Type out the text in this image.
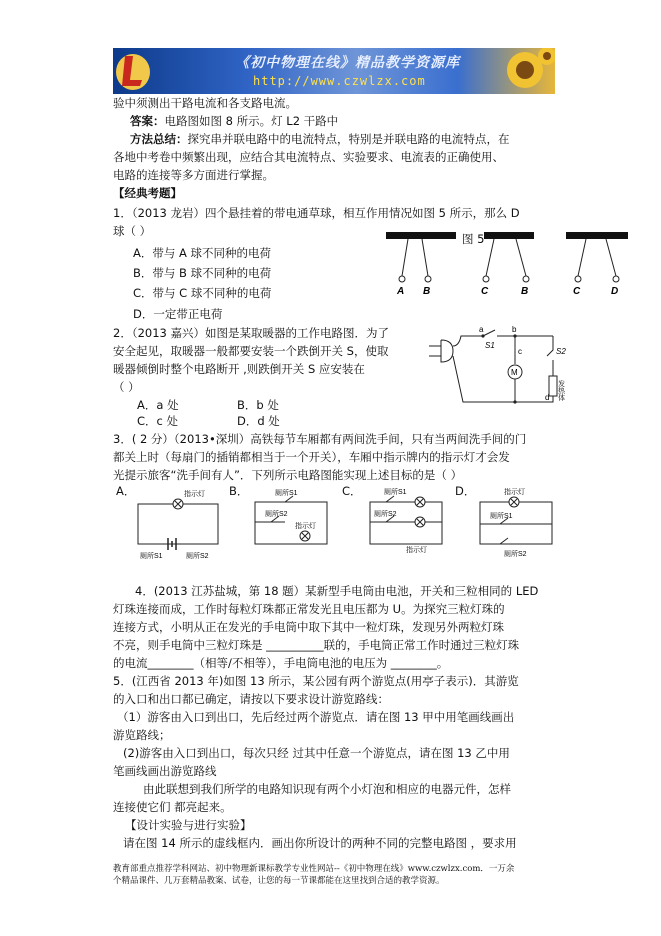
《初中物理在线》精品教学资源库
http://www.czwlzx.com
验中须测出干路电流和各支路电流。
答案：电路图如图 8 所示。灯 L2 干路中
方法总结：探究串并联电路中的电流特点，特别是并联电路的电流特点，在
各地中考卷中频繁出现，应结合其电流特点、实验要求、电流表的正确使用、
电路的连接等多方面进行掌握。
【经典考题】
1．（2013 龙岩）四个悬挂着的带电通草球，相互作用情况如图 5 所示，那么 D
球（ ）
A．带与 A 球不同种的电荷
B．带与 B 球不同种的电荷
C．带与 C 球不同种的电荷
D．一定带正电荷
A B	C	B	C	D
图 5
2．（2013 嘉兴）如图是某取暖器的工作电路图．为了
安全起见，取暖器一般都要安装一个跌倒开关 S，使取
暖器倾倒时整个电路断开 ,则跌倒开关 S 应安装在
（ ）
A．a 处	B．b 处
C．c 处	D．d 处
M
a
S1
b
c	S2
d 发热体
3．( 2 分）（2013•深圳）高铁每节车厢都有两间洗手间，只有当两间洗手间的门
都关上时（每扇门的插销都相当于一个开关），车厢中指示牌内的指示灯才会发
光提示旅客“洗手间有人”．下列所示电路图能实现上述目标的是（ ）
A．	B．	C．	D．
指示灯
厕所S1	厕所S2
厕所S1
厕所S2
指示灯
厕所S1
厕所S2
指示灯
指示灯
厕所S1
厕所S2
4．(2013 江苏盐城，第 18 题）某新型手电筒由电池，开关和三粒相同的 LED
灯珠连接而成，工作时每粒灯珠都正常发光且电压都为 U。为探究三粒灯珠的
连接方式，小明从正在发光的手电筒中取下其中一粒灯珠，发现另外两粒灯珠
不亮，则手电筒中三粒灯珠是 __________联的，手电筒正常工作时通过三粒灯珠
的电流________（相等/不相等），手电筒电池的电压为 ________。
5．(江西省 2013 年)如图 13 所示，某公园有两个游览点(用亭子表示)．其游览
的入口和出口都已确定，请按以下要求设计游览路线：
（1）游客由入口到出口，先后经过两个游览点．请在图 13 甲中用笔画线画出
游览路线；
(2)游客由入口到出口，每次只经 过其中任意一个游览点，请在图 13 乙中用
笔画线画出游览路线
由此联想到我们所学的电路知识现有两个小灯泡和相应的电器元件，怎样
连接使它们 都亮起来。
【设计实验与进行实验】
请在图 14 所示的虚线框内．画出你所设计的两种不同的完整电路图 ，要求用
教育部重点推荐学科网站、初中物理新课标教学专业性网站--《初中物理在线》www.czwlzx.com．一万余
个精品课件、几万套精品教案、试卷，让您的每一节课都能在这里找到合适的教学资源。
